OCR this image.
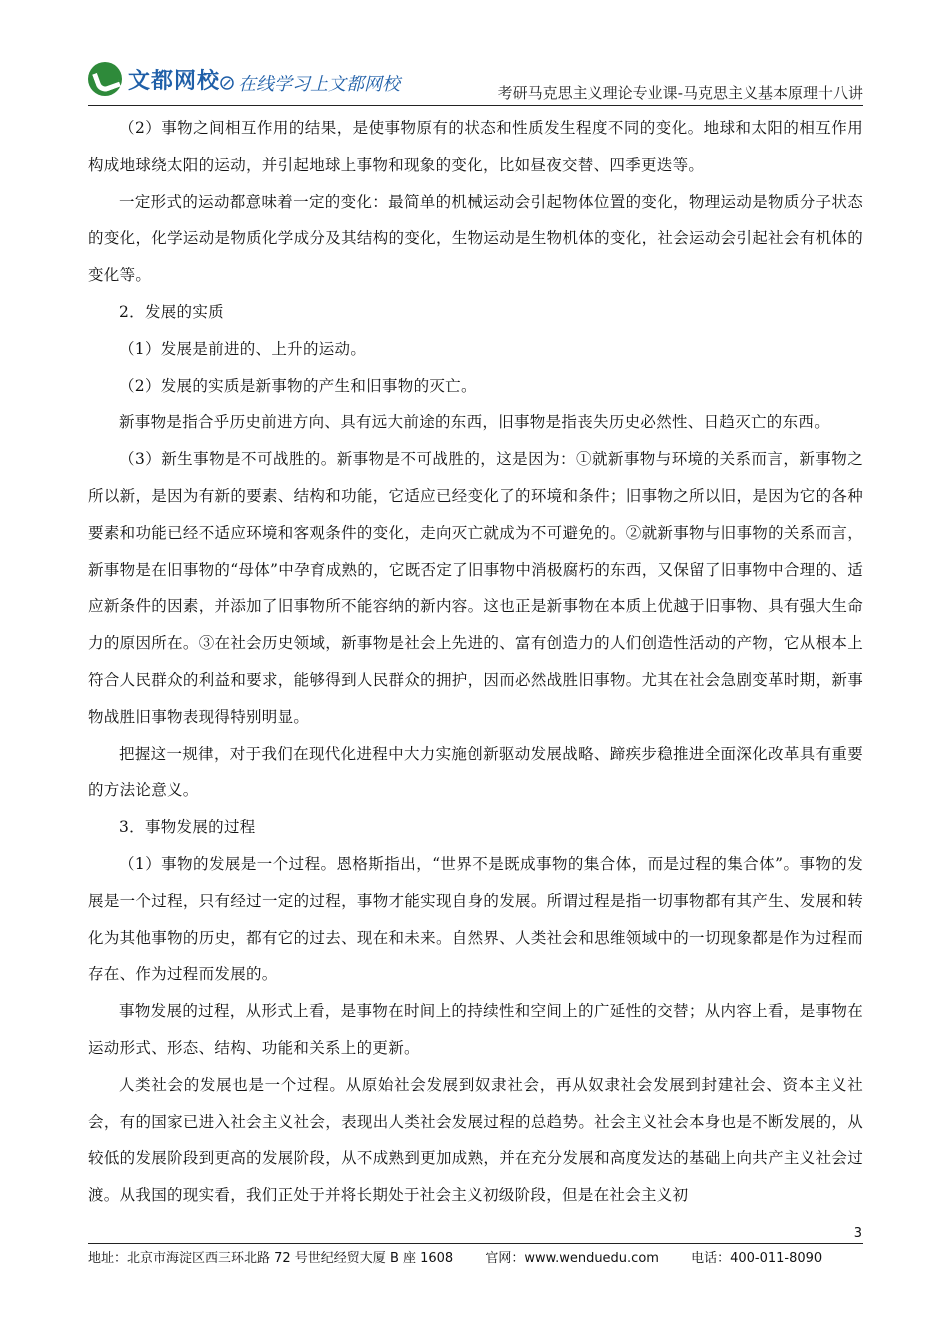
文都网校 在线学习上文都网校	考研马克思主义理论专业课-马克思主义基本原理十八讲

（2）事物之间相互作用的结果，是使事物原有的状态和性质发生程度不同的变化。地球和太阳的相互作用构成地球绕太阳的运动，并引起地球上事物和现象的变化，比如昼夜交替、四季更迭等。

一定形式的运动都意味着一定的变化：最简单的机械运动会引起物体位置的变化，物理运动是物质分子状态的变化，化学运动是物质化学成分及其结构的变化，生物运动是生物机体的变化，社会运动会引起社会有机体的变化等。

2．发展的实质

（1）发展是前进的、上升的运动。

（2）发展的实质是新事物的产生和旧事物的灭亡。

新事物是指合乎历史前进方向、具有远大前途的东西，旧事物是指丧失历史必然性、日趋灭亡的东西。

（3）新生事物是不可战胜的。新事物是不可战胜的，这是因为：①就新事物与环境的关系而言，新事物之所以新，是因为有新的要素、结构和功能，它适应已经变化了的环境和条件；旧事物之所以旧，是因为它的各种要素和功能已经不适应环境和客观条件的变化，走向灭亡就成为不可避免的。②就新事物与旧事物的关系而言，新事物是在旧事物的“母体”中孕育成熟的，它既否定了旧事物中消极腐朽的东西，又保留了旧事物中合理的、适应新条件的因素，并添加了旧事物所不能容纳的新内容。这也正是新事物在本质上优越于旧事物、具有强大生命力的原因所在。③在社会历史领域，新事物是社会上先进的、富有创造力的人们创造性活动的产物，它从根本上符合人民群众的利益和要求，能够得到人民群众的拥护，因而必然战胜旧事物。尤其在社会急剧变革时期，新事物战胜旧事物表现得特别明显。

把握这一规律，对于我们在现代化进程中大力实施创新驱动发展战略、蹄疾步稳推进全面深化改革具有重要的方法论意义。

3．事物发展的过程

（1）事物的发展是一个过程。恩格斯指出，“世界不是既成事物的集合体，而是过程的集合体”。事物的发展是一个过程，只有经过一定的过程，事物才能实现自身的发展。所谓过程是指一切事物都有其产生、发展和转化为其他事物的历史，都有它的过去、现在和未来。自然界、人类社会和思维领域中的一切现象都是作为过程而存在、作为过程而发展的。

事物发展的过程，从形式上看，是事物在时间上的持续性和空间上的广延性的交替；从内容上看，是事物在运动形式、形态、结构、功能和关系上的更新。

人类社会的发展也是一个过程。从原始社会发展到奴隶社会，再从奴隶社会发展到封建社会、资本主义社会，有的国家已进入社会主义社会，表现出人类社会发展过程的总趋势。社会主义社会本身也是不断发展的，从较低的发展阶段到更高的发展阶段，从不成熟到更加成熟，并在充分发展和高度发达的基础上向共产主义社会过渡。从我国的现实看，我们正处于并将长期处于社会主义初级阶段，但是在社会主义初

3
地址：北京市海淀区西三环北路 72 号世纪经贸大厦 B 座 1608 官网：www.wenduedu.com 电话：400-011-8090
